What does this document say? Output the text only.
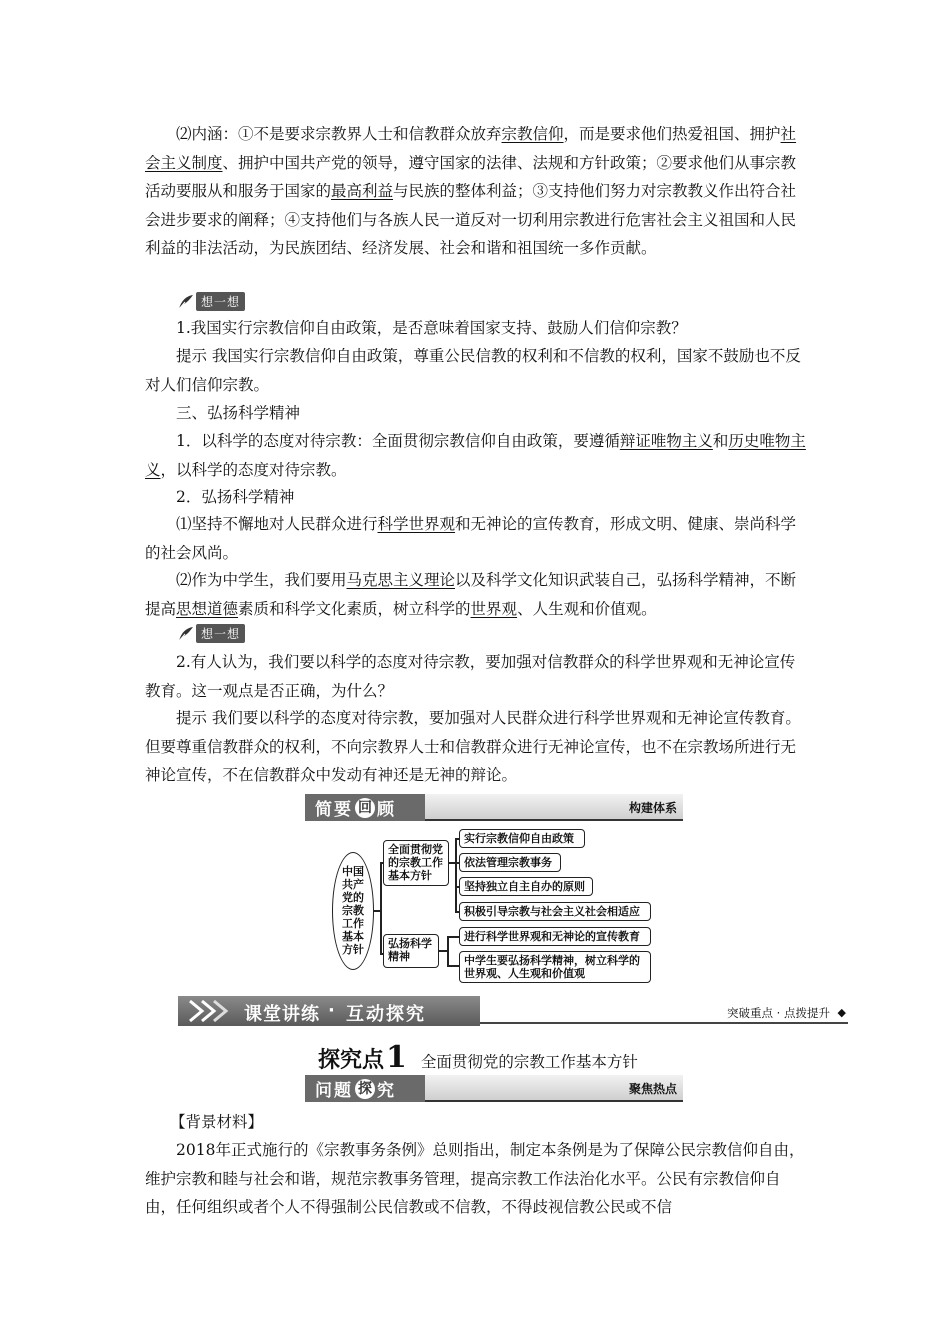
⑵内涵：①不是要求宗教界人士和信教群众放弃宗教信仰，而是要求他们热爱祖国、拥护社会主义制度、拥护中国共产党的领导，遵守国家的法律、法规和方针政策；②要求他们从事宗教活动要服从和服务于国家的最高利益与民族的整体利益；③支持他们努力对宗教教义作出符合社会进步要求的阐释；④支持他们与各族人民一道反对一切利用宗教进行危害社会主义祖国和人民利益的非法活动，为民族团结、经济发展、社会和谐和祖国统一多作贡献。

想一想

1.我国实行宗教信仰自由政策，是否意味着国家支持、鼓励人们信仰宗教？

提示 我国实行宗教信仰自由政策，尊重公民信教的权利和不信教的权利，国家不鼓励也不反对人们信仰宗教。

三、弘扬科学精神

1．以科学的态度对待宗教：全面贯彻宗教信仰自由政策，要遵循辩证唯物主义和历史唯物主义，以科学的态度对待宗教。

2．弘扬科学精神

⑴坚持不懈地对人民群众进行科学世界观和无神论的宣传教育，形成文明、健康、崇尚科学的社会风尚。

⑵作为中学生，我们要用马克思主义理论以及科学文化知识武装自己，弘扬科学精神，不断提高思想道德素质和科学文化素质，树立科学的世界观、人生观和价值观。

想一想

2.有人认为，我们要以科学的态度对待宗教，要加强对信教群众的科学世界观和无神论宣传教育。这一观点是否正确，为什么？

提示 我们要以科学的态度对待宗教，要加强对人民群众进行科学世界观和无神论宣传教育。但要尊重信教群众的权利，不向宗教界人士和信教群众进行无神论宣传，也不在宗教场所进行无神论宣传，不在信教群众中发动有神还是无神的辩论。

简要 回 顾	构建体系
中国共产党的宗教工作基本方针
全面贯彻党的宗教工作基本方针
弘扬科学精神
实行宗教信仰自由政策
依法管理宗教事务
坚持独立自主自办的原则
积极引导宗教与社会主义社会相适应
进行科学世界观和无神论的宣传教育
中学生要弘扬科学精神，树立科学的世界观、人生观和价值观
课堂讲练 · 互动探究	突破重点 · 点拨提升 ◆
探究点 1 全面贯彻党的宗教工作基本方针
问题 探 究	聚焦热点

【背景材料】

2018年正式施行的《宗教事务条例》总则指出，制定本条例是为了保障公民宗教信仰自由，维护宗教和睦与社会和谐，规范宗教事务管理，提高宗教工作法治化水平。公民有宗教信仰自由，任何组织或者个人不得强制公民信教或不信教，不得歧视信教公民或不信
